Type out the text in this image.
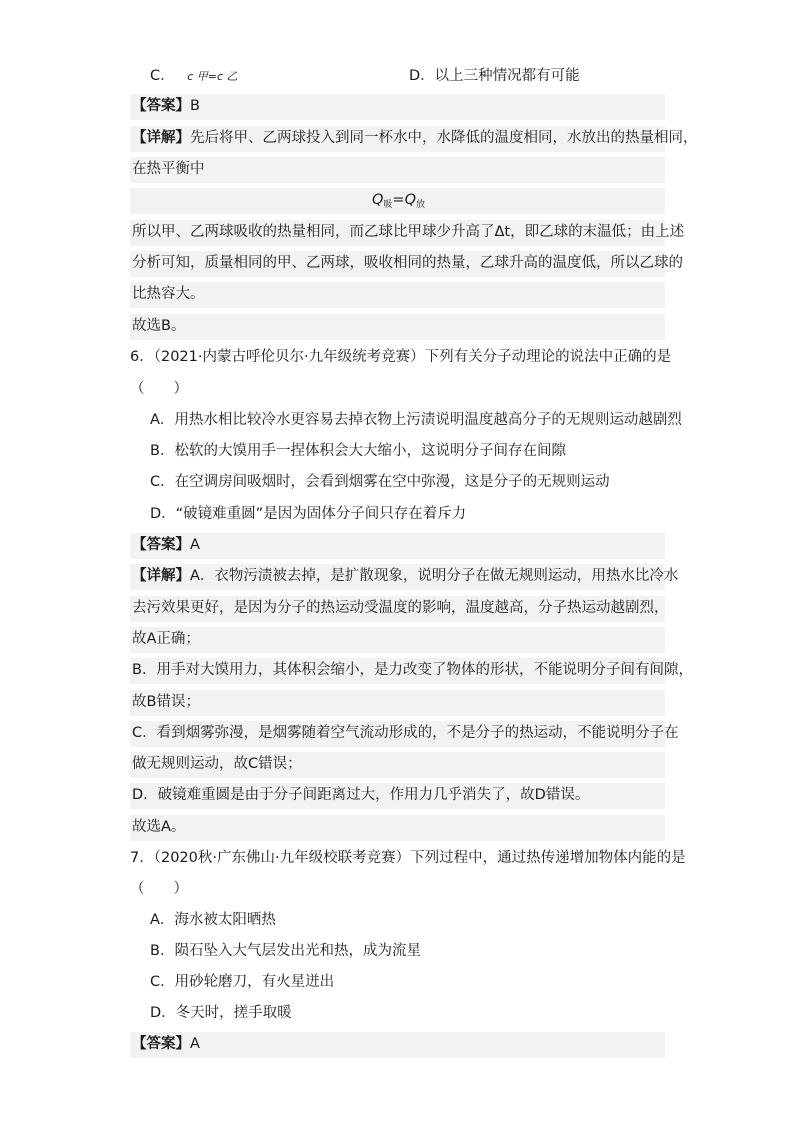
C． c 甲=c 乙	D．以上三种情况都有可能
【答案】B
【详解】先后将甲、乙两球投入到同一杯水中，水降低的温度相同，水放出的热量相同，
在热平衡中
$Q_吸=Q_放$
所以甲、乙两球吸收的热量相同，而乙球比甲球少升高了Δt，即乙球的末温低；由上述
分析可知，质量相同的甲、乙两球，吸收相同的热量，乙球升高的温度低，所以乙球的
比热容大。
故选B。
6．（2021·内蒙古呼伦贝尔·九年级统考竞赛）下列有关分子动理论的说法中正确的是
（　　）
A．用热水相比较冷水更容易去掉衣物上污渍说明温度越高分子的无规则运动越剧烈
B．松软的大馍用手一捏体积会大大缩小，这说明分子间存在间隙
C．在空调房间吸烟时，会看到烟雾在空中弥漫，这是分子的无规则运动
D．“破镜难重圆”是因为固体分子间只存在着斥力
【答案】A
【详解】A．衣物污渍被去掉，是扩散现象，说明分子在做无规则运动，用热水比冷水
去污效果更好，是因为分子的热运动受温度的影响，温度越高，分子热运动越剧烈，
故A正确；
B．用手对大馍用力，其体积会缩小，是力改变了物体的形状，不能说明分子间有间隙，
故B错误；
C．看到烟雾弥漫，是烟雾随着空气流动形成的，不是分子的热运动，不能说明分子在
做无规则运动，故C错误；
D．破镜难重圆是由于分子间距离过大，作用力几乎消失了，故D错误。
故选A。
7．（2020秋·广东佛山·九年级校联考竞赛）下列过程中，通过热传递增加物体内能的是
（　　）
A．海水被太阳晒热
B．陨石坠入大气层发出光和热，成为流星
C．用砂轮磨刀，有火星迸出
D．冬天时，搓手取暖
【答案】A
